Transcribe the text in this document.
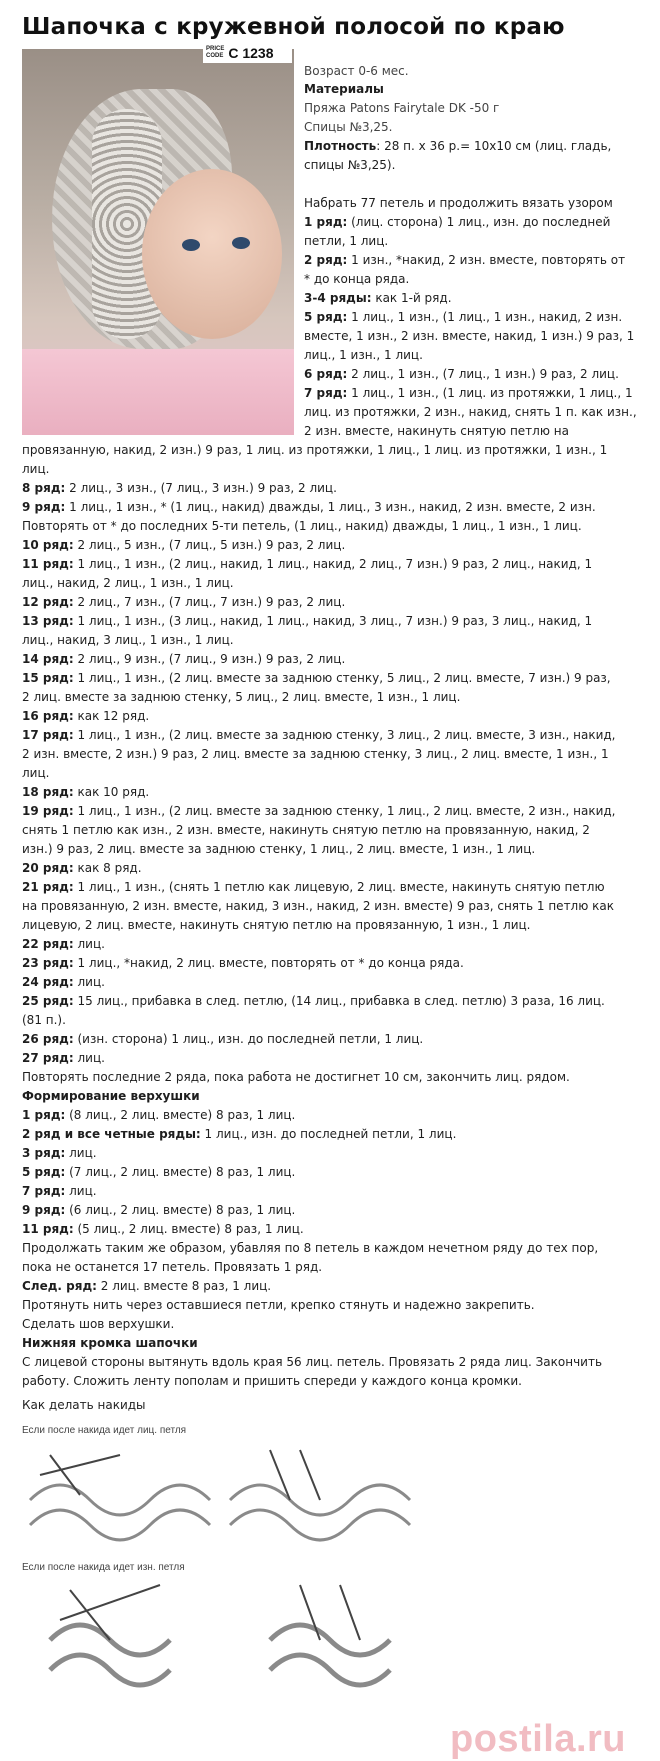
Шапочка с кружевной полосой по краю
PRICE
CODE C 1238
Возраст 0-6 мес.
Материалы
Пряжа Patons Fairytale DK -50 г
Спицы №3,25.
Плотность: 28 п. х 36 р.= 10х10 см (лиц. гладь,
спицы №3,25).
Набрать 77 петель и продолжить вязать узором
1 ряд: (лиц. сторона) 1 лиц., изн. до последней
петли, 1 лиц.
2 ряд: 1 изн., *накид, 2 изн. вместе, повторять от
* до конца ряда.
3-4 ряды: как 1-й ряд.
5 ряд: 1 лиц., 1 изн., (1 лиц., 1 изн., накид, 2 изн.
вместе, 1 изн., 2 изн. вместе, накид, 1 изн.) 9 раз, 1
лиц., 1 изн., 1 лиц.
6 ряд: 2 лиц., 1 изн., (7 лиц., 1 изн.) 9 раз, 2 лиц.
7 ряд: 1 лиц., 1 изн., (1 лиц. из протяжки, 1 лиц., 1
лиц. из протяжки, 2 изн., накид, снять 1 п. как изн.,
2 изн. вместе, накинуть снятую петлю на
провязанную, накид, 2 изн.) 9 раз, 1 лиц. из протяжки, 1 лиц., 1 лиц. из протяжки, 1 изн., 1
лиц.
8 ряд: 2 лиц., 3 изн., (7 лиц., 3 изн.) 9 раз, 2 лиц.
9 ряд: 1 лиц., 1 изн., * (1 лиц., накид) дважды, 1 лиц., 3 изн., накид, 2 изн. вместе, 2 изн.
Повторять от * до последних 5-ти петель, (1 лиц., накид) дважды, 1 лиц., 1 изн., 1 лиц.
10 ряд: 2 лиц., 5 изн., (7 лиц., 5 изн.) 9 раз, 2 лиц.
11 ряд: 1 лиц., 1 изн., (2 лиц., накид, 1 лиц., накид, 2 лиц., 7 изн.) 9 раз, 2 лиц., накид, 1
лиц., накид, 2 лиц., 1 изн., 1 лиц.
12 ряд: 2 лиц., 7 изн., (7 лиц., 7 изн.) 9 раз, 2 лиц.
13 ряд: 1 лиц., 1 изн., (3 лиц., накид, 1 лиц., накид, 3 лиц., 7 изн.) 9 раз, 3 лиц., накид, 1
лиц., накид, 3 лиц., 1 изн., 1 лиц.
14 ряд: 2 лиц., 9 изн., (7 лиц., 9 изн.) 9 раз, 2 лиц.
15 ряд: 1 лиц., 1 изн., (2 лиц. вместе за заднюю стенку, 5 лиц., 2 лиц. вместе, 7 изн.) 9 раз,
2 лиц. вместе за заднюю стенку, 5 лиц., 2 лиц. вместе, 1 изн., 1 лиц.
16 ряд: как 12 ряд.
17 ряд: 1 лиц., 1 изн., (2 лиц. вместе за заднюю стенку, 3 лиц., 2 лиц. вместе, 3 изн., накид,
2 изн. вместе, 2 изн.) 9 раз, 2 лиц. вместе за заднюю стенку, 3 лиц., 2 лиц. вместе, 1 изн., 1
лиц.
18 ряд: как 10 ряд.
19 ряд: 1 лиц., 1 изн., (2 лиц. вместе за заднюю стенку, 1 лиц., 2 лиц. вместе, 2 изн., накид,
снять 1 петлю как изн., 2 изн. вместе, накинуть снятую петлю на провязанную, накид, 2
изн.) 9 раз, 2 лиц. вместе за заднюю стенку, 1 лиц., 2 лиц. вместе, 1 изн., 1 лиц.
20 ряд: как 8 ряд.
21 ряд: 1 лиц., 1 изн., (снять 1 петлю как лицевую, 2 лиц. вместе, накинуть снятую петлю
на провязанную, 2 изн. вместе, накид, 3 изн., накид, 2 изн. вместе) 9 раз, снять 1 петлю как
лицевую, 2 лиц. вместе, накинуть снятую петлю на провязанную, 1 изн., 1 лиц.
22 ряд: лиц.
23 ряд: 1 лиц., *накид, 2 лиц. вместе, повторять от * до конца ряда.
24 ряд: лиц.
25 ряд: 15 лиц., прибавка в след. петлю, (14 лиц., прибавка в след. петлю) 3 раза, 16 лиц.
(81 п.).
26 ряд: (изн. сторона) 1 лиц., изн. до последней петли, 1 лиц.
27 ряд: лиц.
Повторять последние 2 ряда, пока работа не достигнет 10 см, закончить лиц. рядом.
Формирование верхушки
1 ряд: (8 лиц., 2 лиц. вместе) 8 раз, 1 лиц.
2 ряд и все четные ряды: 1 лиц., изн. до последней петли, 1 лиц.
3 ряд: лиц.
5 ряд: (7 лиц., 2 лиц. вместе) 8 раз, 1 лиц.
7 ряд: лиц.
9 ряд: (6 лиц., 2 лиц. вместе) 8 раз, 1 лиц.
11 ряд: (5 лиц., 2 лиц. вместе) 8 раз, 1 лиц.
Продолжать таким же образом, убавляя по 8 петель в каждом нечетном ряду до тех пор,
пока не останется 17 петель. Провязать 1 ряд.
След. ряд: 2 лиц. вместе 8 раз, 1 лиц.
Протянуть нить через оставшиеся петли, крепко стянуть и надежно закрепить.
Сделать шов верхушки.
Нижняя кромка шапочки
С лицевой стороны вытянуть вдоль края 56 лиц. петель. Провязать 2 ряда лиц. Закончить
работу. Сложить ленту пополам и пришить спереди у каждого конца кромки.
Как делать накиды
Если после накида идет лиц. петля
Если после накида идет изн. петля
postila.ru
